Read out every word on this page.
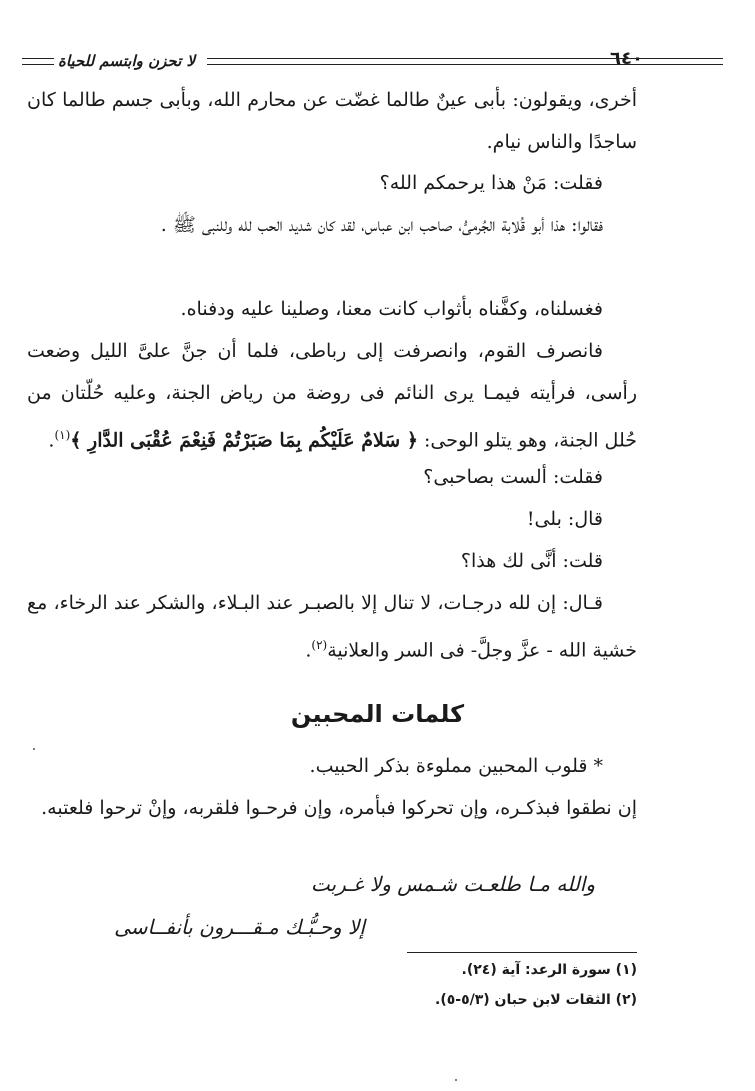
٦٤٠
لا تحزن وابتسم للحياة
أخرى، ويقولون: بأبى عينٌ طالما غضّت عن محارم الله، وبأبى جسم طالما كان ساجدًا والناس نيام.
فقلت: مَنْ هذا يرحمكم الله؟
فقالوا: هذا أبو قُلابة الجُرمىُّ، صاحب ابن عباس، لقد كان شديد الحب لله وللنبى ﷺ .
فغسلناه، وكفَّناه بأثواب كانت معنا، وصلينا عليه ودفناه.
فانصرف القوم، وانصرفت إلى رباطى، فلما أن جنَّ علىَّ الليل وضعت رأسى، فرأيته فيمـا يرى النائم فى روضة من رياض الجنة، وعليه حُلّتان من حُلل الجنة، وهو يتلو الوحى: ﴿ سَلامٌ عَلَيْكُم بِمَا صَبَرْتُمْ فَنِعْمَ عُقْبَى الدَّارِ ﴾$^{(١)}$.
فقلت: ألست بصاحبى؟
قال: بلى!
قلت: أنَّى لك هذا؟
قـال: إن لله درجـات، لا تنال إلا بالصبـر عند البـلاء، والشكر عند الرخاء، مع خشية الله - عزَّ وجلَّ- فى السر والعلانية$^{(٢)}$.
كلمات المحبين
* قلوب المحبين مملوءة بذكر الحبيب.
إن نطقوا فبذكـره، وإن تحركوا فبأمره، وإن فرحـوا فلقربه، وإنْ ترحوا فلعتبه.
والله مـا طلعـت شـمس ولا غـربت
إلا وحـبُّـك مـقـــرون بأنفــاسى
(١) سورة الرعد: آية (٢٤).
(٢) الثقات لابن حبان (٥/٣-٥).
